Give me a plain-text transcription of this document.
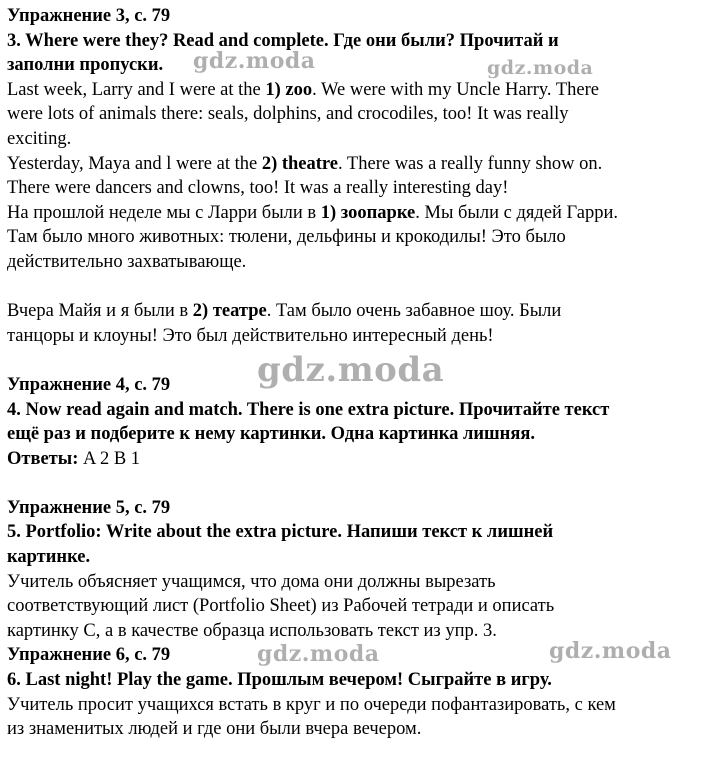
Упражнение 3, с. 79
3. Where were they? Read and complete. Где они были? Прочитай и
заполни пропуски.
Last week, Larry and I were at the 1) zoo. We were with my Uncle Harry. There
were lots of animals there: seals, dolphins, and crocodiles, too! It was really
exciting.
Yesterday, Maya and l were at the 2) theatre. There was a really funny show on.
There were dancers and clowns, too! It was a really interesting day!
На прошлой неделе мы с Ларри были в 1) зоопарке. Мы были с дядей Гарри.
Там было много животных: тюлени, дельфины и крокодилы! Это было
действительно захватывающе.
Вчера Майя и я были в 2) театре. Там было очень забавное шоу. Были
танцоры и клоуны! Это был действительно интересный день!
Упражнение 4, с. 79
4. Now read again and match. There is one extra picture. Прочитайте текст
ещё раз и подберите к нему картинки. Одна картинка лишняя.
Ответы: A 2 B 1
Упражнение 5, с. 79
5. Portfolio: Write about the extra picture. Напиши текст к лишней
картинке.
Учитель объясняет учащимся, что дома они должны вырезать
соответствующий лист (Portfolio Sheet) из Рабочей тетради и описать
картинку С, а в качестве образца использовать текст из упр. 3.
Упражнение 6, с. 79
6. Last night! Play the game. Прошлым вечером! Сыграйте в игру.
Учитель просит учащихся встать в круг и по очереди пофантазировать, с кем
из знаменитых людей и где они были вчера вечером.
gdz.moda	gdz.moda
gdz.moda
gdz.moda	gdz.moda
